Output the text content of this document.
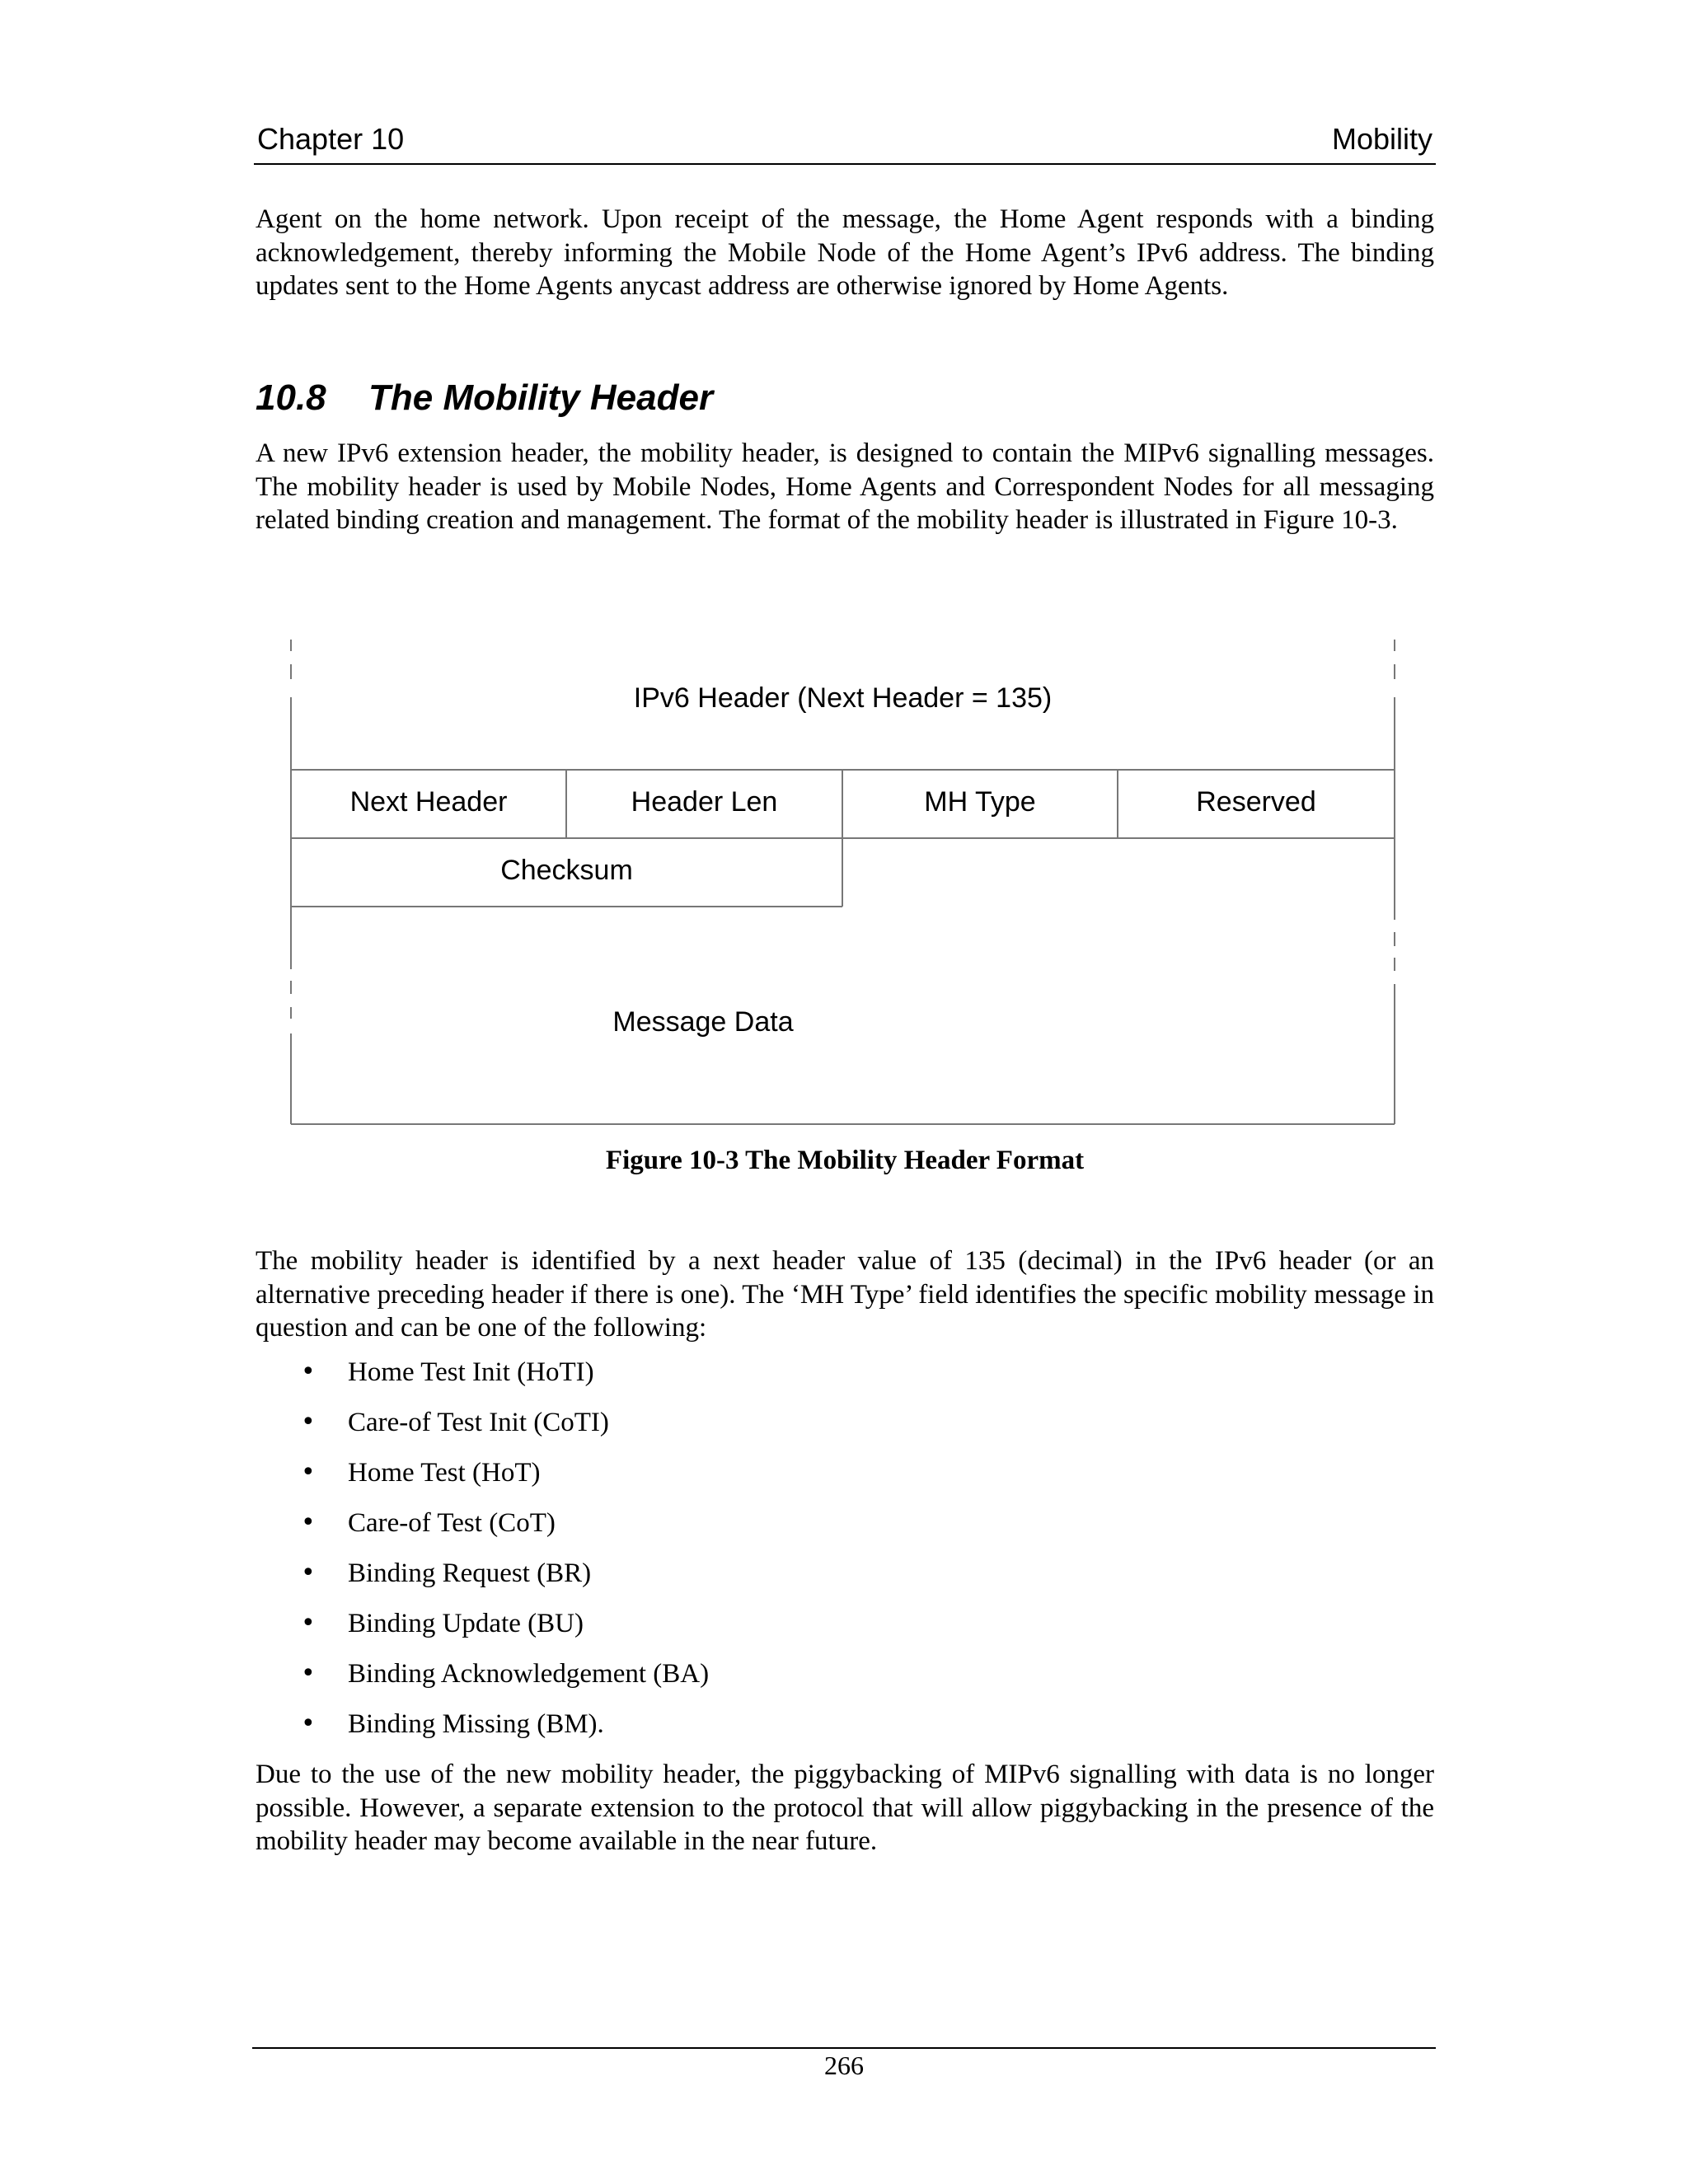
Chapter 10	Mobility
Agent on the home network. Upon receipt of the message, the Home Agent responds with a binding acknowledgement, thereby informing the Mobile Node of the Home Agent’s IPv6 address. The binding updates sent to the Home Agents anycast address are otherwise ignored by Home Agents.
10.8 The Mobility Header
A new IPv6 extension header, the mobility header, is designed to contain the MIPv6 signalling messages. The mobility header is used by Mobile Nodes, Home Agents and Correspondent Nodes for all messaging related binding creation and management. The format of the mobility header is illustrated in Figure 10-3.
IPv6 Header (Next Header = 135)
Next Header	Header Len	MH Type	Reserved
Checksum
Message Data
Figure 10-3 The Mobility Header Format
The mobility header is identified by a next header value of 135 (decimal) in the IPv6 header (or an alternative preceding header if there is one). The ‘MH Type’ field identifies the specific mobility message in question and can be one of the following:
• Home Test Init (HoTI)
• Care-of Test Init (CoTI)
• Home Test (HoT)
• Care-of Test (CoT)
• Binding Request (BR)
• Binding Update (BU)
• Binding Acknowledgement (BA)
• Binding Missing (BM).
Due to the use of the new mobility header, the piggybacking of MIPv6 signalling with data is no longer possible. However, a separate extension to the protocol that will allow piggybacking in the presence of the mobility header may become available in the near future.
266
